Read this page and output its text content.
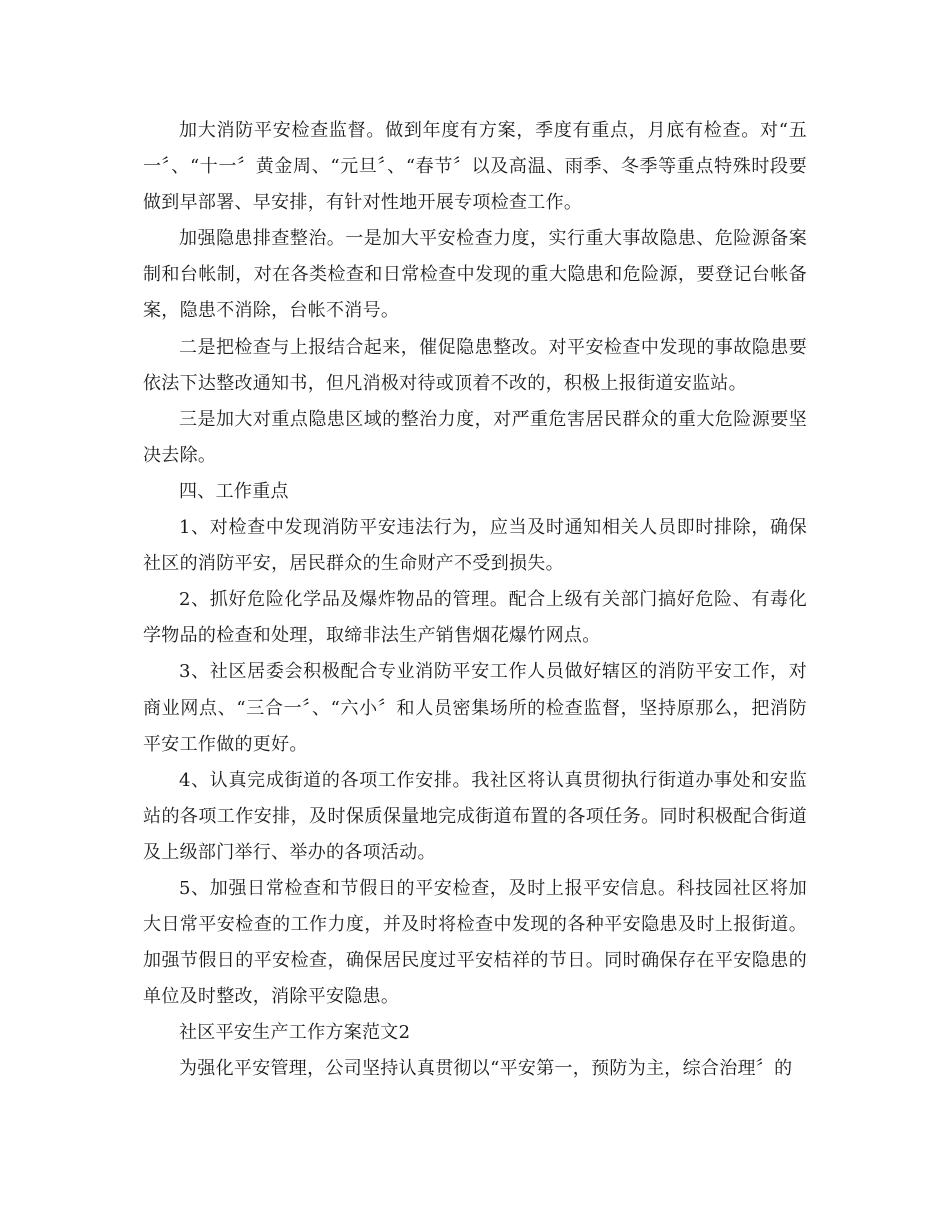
加大消防平安检查监督。做到年度有方案，季度有重点，月底有检查。对“五一〞、“十一〞黄金周、“元旦〞、“春节〞以及高温、雨季、冬季等重点特殊时段要做到早部署、早安排，有针对性地开展专项检查工作。

加强隐患排查整治。一是加大平安检查力度，实行重大事故隐患、危险源备案制和台帐制，对在各类检查和日常检查中发现的重大隐患和危险源，要登记台帐备案，隐患不消除，台帐不消号。

二是把检查与上报结合起来，催促隐患整改。对平安检查中发现的事故隐患要依法下达整改通知书，但凡消极对待或顶着不改的，积极上报街道安监站。

三是加大对重点隐患区域的整治力度，对严重危害居民群众的重大危险源要坚决去除。

四、工作重点

1、对检查中发现消防平安违法行为，应当及时通知相关人员即时排除，确保社区的消防平安，居民群众的生命财产不受到损失。

2、抓好危险化学品及爆炸物品的管理。配合上级有关部门搞好危险、有毒化学物品的检查和处理，取缔非法生产销售烟花爆竹网点。

3、社区居委会积极配合专业消防平安工作人员做好辖区的消防平安工作，对商业网点、“三合一〞、“六小〞和人员密集场所的检查监督，坚持原那么，把消防平安工作做的更好。

4、认真完成街道的各项工作安排。我社区将认真贯彻执行街道办事处和安监站的各项工作安排，及时保质保量地完成街道布置的各项任务。同时积极配合街道及上级部门举行、举办的各项活动。

5、加强日常检查和节假日的平安检查，及时上报平安信息。科技园社区将加大日常平安检查的工作力度，并及时将检查中发现的各种平安隐患及时上报街道。加强节假日的平安检查，确保居民度过平安桔祥的节日。同时确保存在平安隐患的单位及时整改，消除平安隐患。

社区平安生产工作方案范文2

为强化平安管理，公司坚持认真贯彻以“平安第一，预防为主，综合治理〞的
